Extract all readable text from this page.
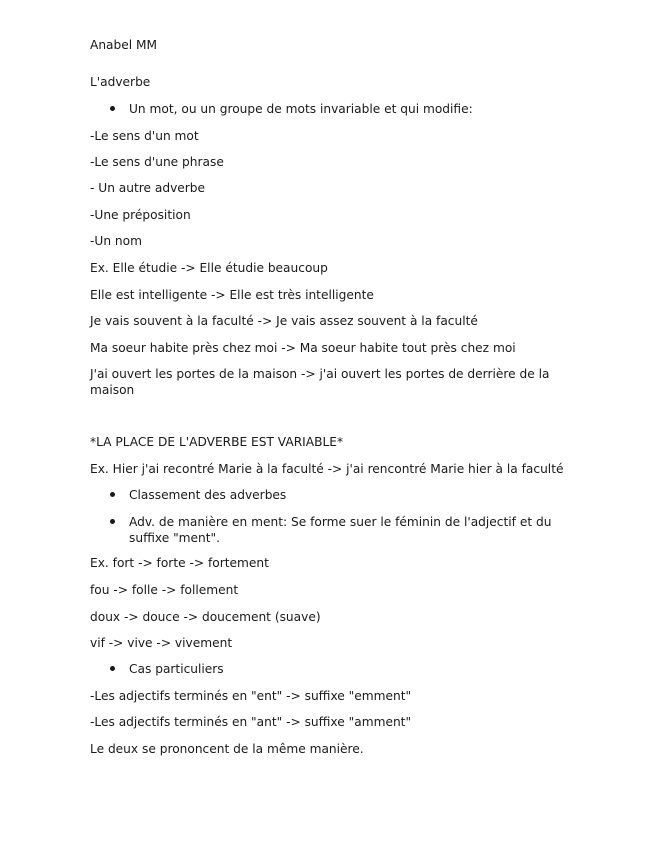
Anabel MM
L'adverbe
Un mot, ou un groupe de mots invariable et qui modifie:
-Le sens d'un mot
-Le sens d'une phrase
- Un autre adverbe
-Une préposition
-Un nom
Ex. Elle étudie -> Elle étudie beaucoup
Elle est intelligente -> Elle est très intelligente
Je vais souvent à la faculté -> Je vais assez souvent à la faculté
Ma soeur habite près chez moi -> Ma soeur habite tout près chez moi
J'ai ouvert les portes de la maison -> j'ai ouvert les portes de derrière de la maison
*LA PLACE DE L'ADVERBE EST VARIABLE*
Ex. Hier j'ai recontré Marie à la faculté -> j'ai rencontré Marie hier à la faculté
Classement des adverbes
Adv. de manière en ment: Se forme suer le féminin de l'adjectif et du suffixe "ment".
Ex. fort -> forte -> fortement
fou -> folle -> follement
doux -> douce -> doucement (suave)
vif -> vive -> vivement
Cas particuliers
-Les adjectifs terminés en "ent" -> suffixe "emment"
-Les adjectifs terminés en "ant" -> suffixe "amment"
Le deux se prononcent de la même manière.
